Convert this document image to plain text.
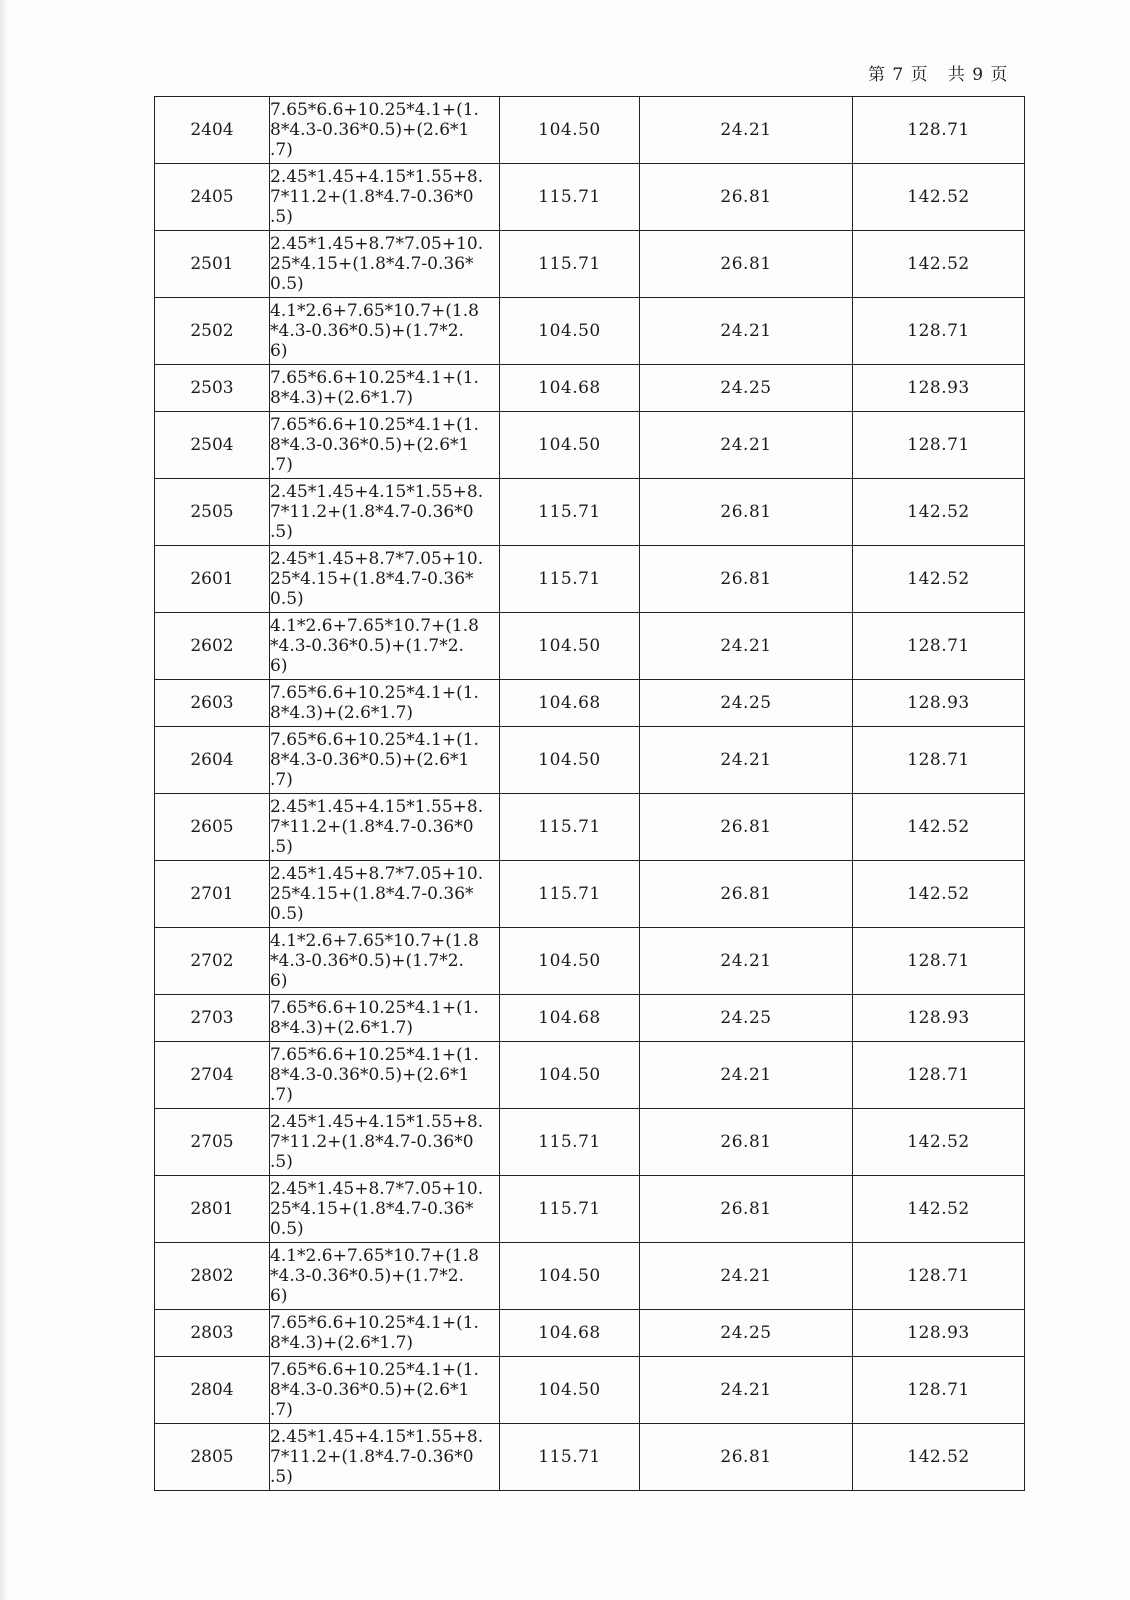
第 7 页   共 9 页
2404	7.65*6.6+10.25*4.1+(1.
8*4.3-0.36*0.5)+(2.6*1
.7)	104.50	24.21	128.71
2405	2.45*1.45+4.15*1.55+8.
7*11.2+(1.8*4.7-0.36*0
.5)	115.71	26.81	142.52
2501	2.45*1.45+8.7*7.05+10.
25*4.15+(1.8*4.7-0.36*
0.5)	115.71	26.81	142.52
2502	4.1*2.6+7.65*10.7+(1.8
*4.3-0.36*0.5)+(1.7*2.
6)	104.50	24.21	128.71
2503	7.65*6.6+10.25*4.1+(1.
8*4.3)+(2.6*1.7)	104.68	24.25	128.93
2504	7.65*6.6+10.25*4.1+(1.
8*4.3-0.36*0.5)+(2.6*1
.7)	104.50	24.21	128.71
2505	2.45*1.45+4.15*1.55+8.
7*11.2+(1.8*4.7-0.36*0
.5)	115.71	26.81	142.52
2601	2.45*1.45+8.7*7.05+10.
25*4.15+(1.8*4.7-0.36*
0.5)	115.71	26.81	142.52
2602	4.1*2.6+7.65*10.7+(1.8
*4.3-0.36*0.5)+(1.7*2.
6)	104.50	24.21	128.71
2603	7.65*6.6+10.25*4.1+(1.
8*4.3)+(2.6*1.7)	104.68	24.25	128.93
2604	7.65*6.6+10.25*4.1+(1.
8*4.3-0.36*0.5)+(2.6*1
.7)	104.50	24.21	128.71
2605	2.45*1.45+4.15*1.55+8.
7*11.2+(1.8*4.7-0.36*0
.5)	115.71	26.81	142.52
2701	2.45*1.45+8.7*7.05+10.
25*4.15+(1.8*4.7-0.36*
0.5)	115.71	26.81	142.52
2702	4.1*2.6+7.65*10.7+(1.8
*4.3-0.36*0.5)+(1.7*2.
6)	104.50	24.21	128.71
2703	7.65*6.6+10.25*4.1+(1.
8*4.3)+(2.6*1.7)	104.68	24.25	128.93
2704	7.65*6.6+10.25*4.1+(1.
8*4.3-0.36*0.5)+(2.6*1
.7)	104.50	24.21	128.71
2705	2.45*1.45+4.15*1.55+8.
7*11.2+(1.8*4.7-0.36*0
.5)	115.71	26.81	142.52
2801	2.45*1.45+8.7*7.05+10.
25*4.15+(1.8*4.7-0.36*
0.5)	115.71	26.81	142.52
2802	4.1*2.6+7.65*10.7+(1.8
*4.3-0.36*0.5)+(1.7*2.
6)	104.50	24.21	128.71
2803	7.65*6.6+10.25*4.1+(1.
8*4.3)+(2.6*1.7)	104.68	24.25	128.93
2804	7.65*6.6+10.25*4.1+(1.
8*4.3-0.36*0.5)+(2.6*1
.7)	104.50	24.21	128.71
2805	2.45*1.45+4.15*1.55+8.
7*11.2+(1.8*4.7-0.36*0
.5)	115.71	26.81	142.52
